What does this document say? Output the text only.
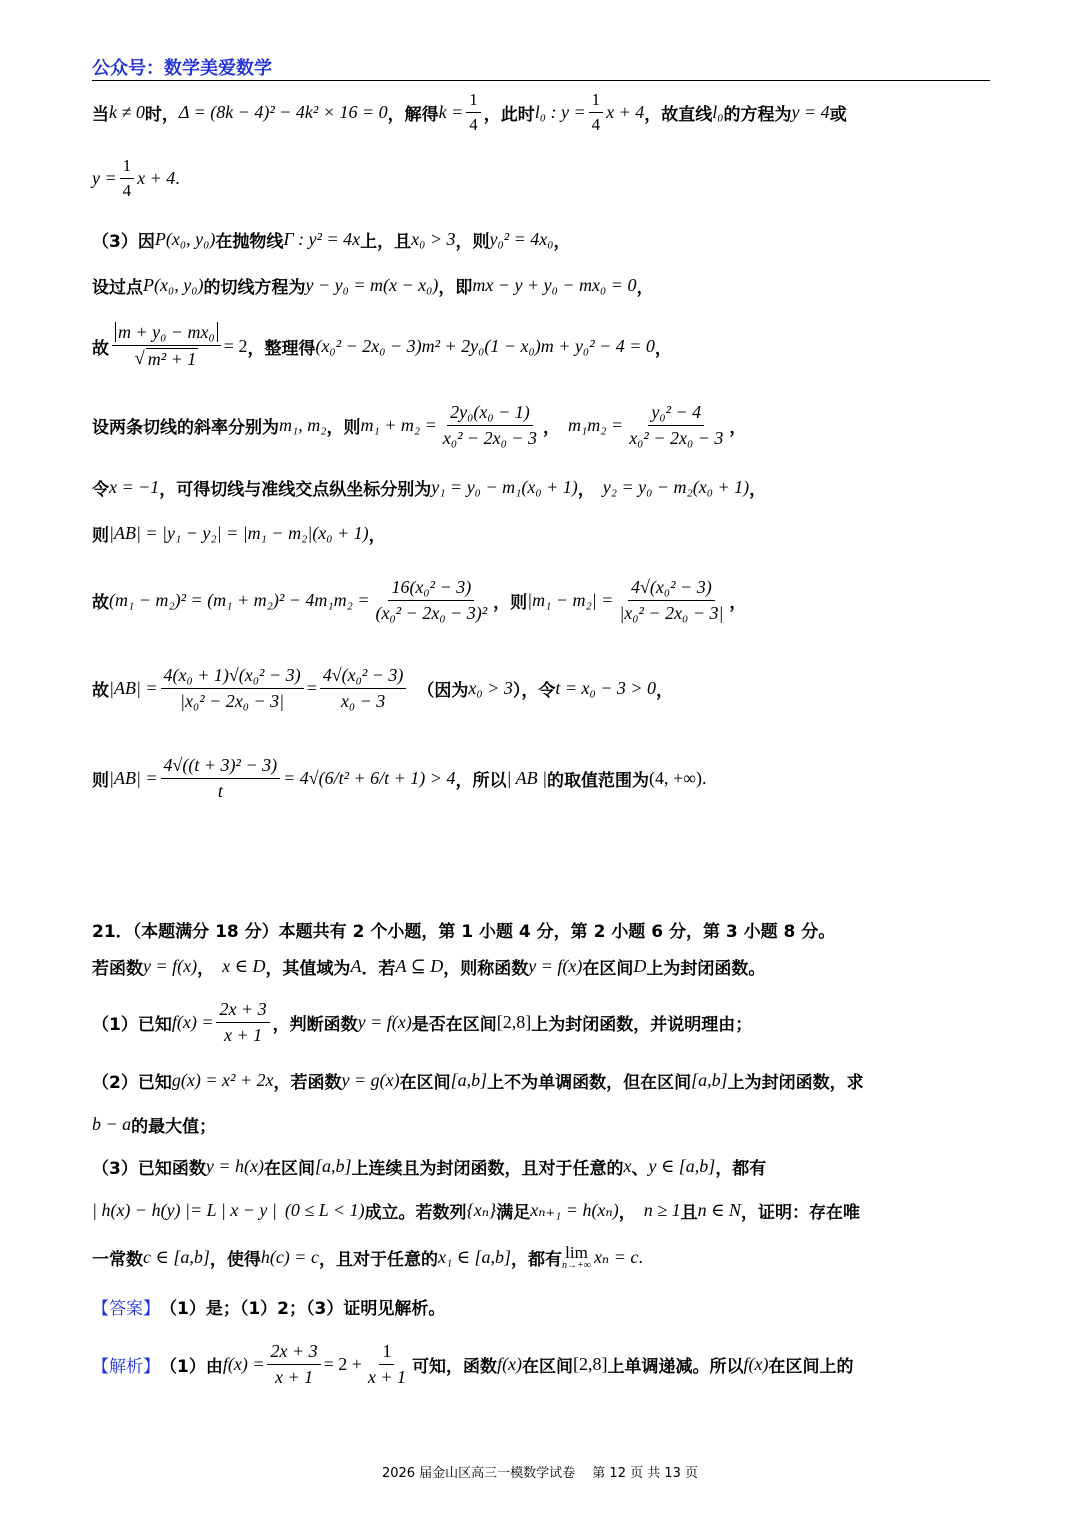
公众号：数学美爱数学
当 k ≠ 0 时， Δ = (8k − 4)² − 4k² × 16 = 0 ，解得 $k = \frac{1}{4}$ ，此时 l₀ : $y = \frac{1}{4}$ x + 4 ，故直线 l₀ 的方程为 y = 4 或
$y = \frac{1}{4}$ x + 4 .
（3）因 P(x₀, y₀) 在抛物线 Γ : y² = 4x 上，且 x₀ > 3 ，则 y₀² = 4x₀ ，
设过点 P(x₀, y₀) 的切线方程为 y − y₀ = m(x − x₀) ，即 mx − y + y₀ − mx₀ = 0 ，
故 $\frac{\text{m + y₀ − mx₀}}{\text{√ m² + 1}} = 2$ ，整理得 (x₀² − 2x₀ − 3)m² + 2y₀(1 − x₀)m + y₀² − 4 = 0 ，
设两条切线的斜率分别为 m₁, m₂ ，则 $m_1 + m_2 = \frac{\text{2y₀(x₀ − 1)}}{\text{x₀² − 2x₀ − 3}}$ ， $m_1m_2 = \frac{\text{y₀² − 4}}{\text{x₀² − 2x₀ − 3}}$ ，
令 x = −1 ，可得切线与准线交点纵坐标分别为 y₁ = y₀ − m₁(x₀ + 1) ， y₂ = y₀ − m₂(x₀ + 1) ，
则 |AB| = |y₁ − y₂| = |m₁ − m₂|(x₀ + 1) ，
故 $(m_1 - m_2)^2 = (m_1 + m_2)^2 - 4m_1m_2 = \frac{\text{16(x₀² − 3)}}{\text{(x₀² − 2x₀ − 3)²}}$ ，则 $|m_1 - m_2| = \frac{\text{4√(x₀² − 3)}}{\text{|x₀² − 2x₀ − 3|}}$ ，
故 $|AB| = \frac{\text{4(x₀ + 1)√(x₀² − 3)}}{\text{|x₀² − 2x₀ − 3|}} = \frac{\text{4√(x₀² − 3)}}{\text{x₀ − 3}}$ （因为 x₀ > 3 ），令 t = x₀ − 3 > 0 ，
则 $|AB| = \frac{\text{4√((t + 3)² − 3)}}{t} = 4√(6/t^2 + 6/t + 1) > 4$ ，所以 | AB | 的取值范围为 (4, +∞) .
21．（本题满分 18 分）本题共有 2 个小题，第 1 小题 4 分，第 2 小题 6 分，第 3 小题 8 分。
若函数 y = f(x) ， x ∈ D ，其值域为 A ．若 A ⊆ D ，则称函数 y = f(x) 在区间 D 上为封闭函数。
（1）已知 $f(x) = \frac{2x + 3}{x + 1}$ ，判断函数 y = f(x) 是否在区间 [2,8] 上为封闭函数，并说明理由；
（2）已知 g(x) = x² + 2x ，若函数 y = g(x) 在区间 [a,b] 上不为单调函数，但在区间 [a,b] 上为封闭函数，求
b − a 的最大值；
（3）已知函数 y = h(x) 在区间 [a,b] 上连续且为封闭函数，且对于任意的 x 、 y ∈ [a,b] ，都有
| h(x) − h(y) |= L | x − y | (0 ≤ L < 1) 成立。若数列 {xₙ} 满足 xₙ₊₁ = h(xₙ) ， n ≥ 1 且 n ∈ N ，证明：存在唯
一常数 c ∈ [a,b] ，使得 h(c) = c ，且对于任意的 x₁ ∈ [a,b] ，都有 lim
n→+∞ xₙ = c .
【答案】 （1）是；（1）2；（3）证明见解析。
【解析】 （1）由 $f(x) = \frac{2x + 3}{x + 1} = 2 + \frac{1}{x + 1}$ 可知，函数 f(x) 在区间 [2,8] 上单调递减。所以 f(x) 在区间上的
2026 届金山区高三一模数学试卷　 第 12 页 共 13 页
